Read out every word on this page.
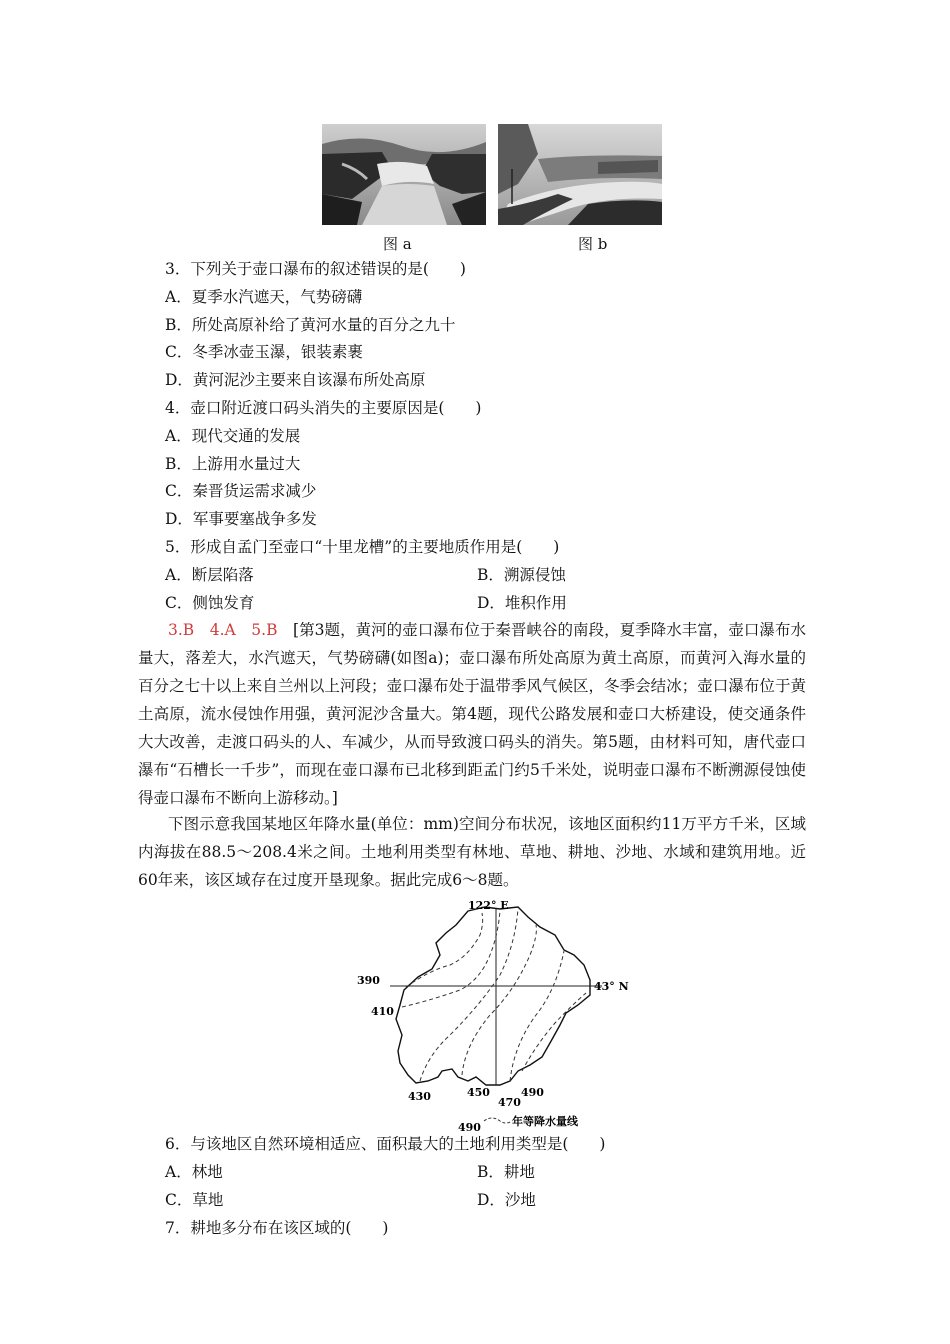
图 a	图 b
3．下列关于壶口瀑布的叙述错误的是(　　)
A．夏季水汽遮天，气势磅礴
B．所处高原补给了黄河水量的百分之九十
C．冬季冰壶玉瀑，银装素裹
D．黄河泥沙主要来自该瀑布所处高原
4．壶口附近渡口码头消失的主要原因是(　　)
A．现代交通的发展
B．上游用水量过大
C．秦晋货运需求减少
D．军事要塞战争多发
5．形成自孟门至壶口“十里龙槽”的主要地质作用是(　　)
A．断层陷落	B．溯源侵蚀
C．侧蚀发育	D．堆积作用
3.B　4.A　5.B　 [第3题，黄河的壶口瀑布位于秦晋峡谷的南段，夏季降水丰富，壶口瀑布水量大，落差大，水汽遮天，气势磅礴(如图a)；壶口瀑布所处高原为黄土高原，而黄河入海水量的百分之七十以上来自兰州以上河段；壶口瀑布处于温带季风气候区，冬季会结冰；壶口瀑布位于黄土高原，流水侵蚀作用强，黄河泥沙含量大。第4题，现代公路发展和壶口大桥建设，使交通条件大大改善，走渡口码头的人、车减少，从而导致渡口码头的消失。第5题，由材料可知，唐代壶口瀑布“石槽长一千步”，而现在壶口瀑布已北移到距孟门约5千米处，说明壶口瀑布不断溯源侵蚀使得壶口瀑布不断向上游移动。]
下图示意我国某地区年降水量(单位：mm)空间分布状况，该地区面积约11万平方千米，区域内海拔在88.5～208.4米之间。土地利用类型有林地、草地、耕地、沙地、水域和建筑用地。近60年来，该区域存在过度开垦现象。据此完成6～8题。
122° E
43° N
390
410
430	450
470
490
490	年等降水量线
6．与该地区自然环境相适应、面积最大的土地利用类型是(　　)
A．林地	B．耕地
C．草地	D．沙地
7．耕地多分布在该区域的(　　)
